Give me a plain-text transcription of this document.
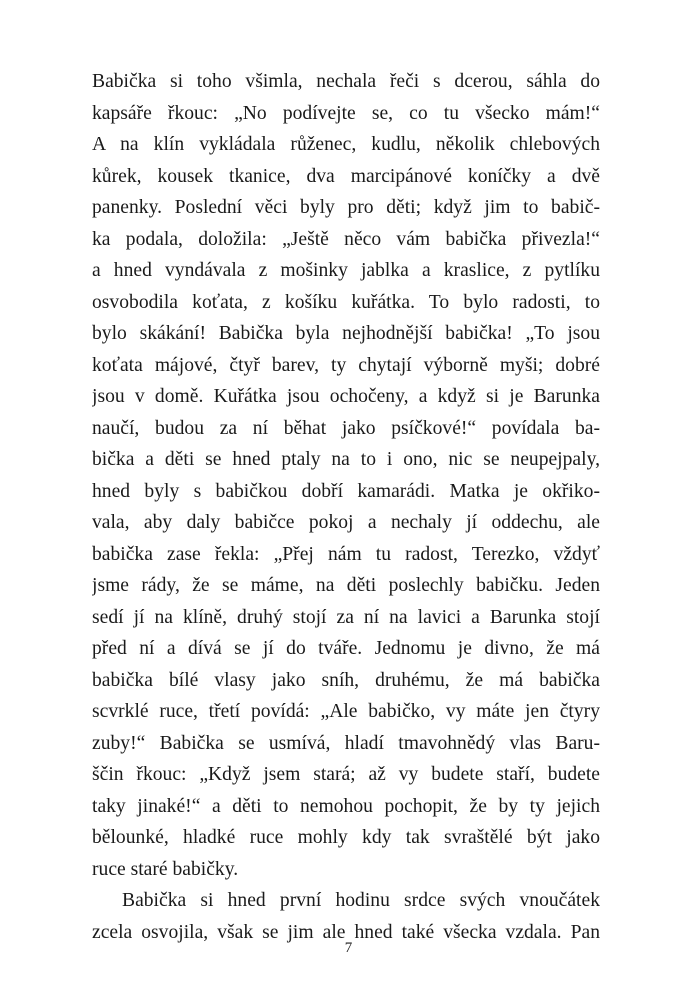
Babička si toho všimla, nechala řeči s dcerou, sáhla do
kapsáře řkouc: „No podívejte se, co tu všecko mám!“
A na klín vykládala růženec, kudlu, několik chlebových
kůrek, kousek tkanice, dva marcipánové koníčky a dvě
panenky. Poslední věci byly pro děti; když jim to babič-
ka podala, doložila: „Ještě něco vám babička přivezla!“
a hned vyndávala z mošinky jablka a kraslice, z pytlíku
osvobodila koťata, z košíku kuřátka. To bylo radosti, to
bylo skákání! Babička byla nejhodnější babička! „To jsou
koťata májové, čtyř barev, ty chytají výborně myši; dobré
jsou v domě. Kuřátka jsou ochočeny, a když si je Barunka
naučí, budou za ní běhat jako psíčkové!“ povídala ba-
bička a děti se hned ptaly na to i ono, nic se neupejpaly,
hned byly s babičkou dobří kamarádi. Matka je okřiko-
vala, aby daly babičce pokoj a nechaly jí oddechu, ale
babička zase řekla: „Přej nám tu radost, Terezko, vždyť
jsme rády, že se máme, na děti poslechly babičku. Jeden
sedí jí na klíně, druhý stojí za ní na lavici a Barunka stojí
před ní a dívá se jí do tváře. Jednomu je divno, že má
babička bílé vlasy jako sníh, druhému, že má babička
scvrklé ruce, třetí povídá: „Ale babičko, vy máte jen čtyry
zuby!“ Babička se usmívá, hladí tmavohnědý vlas Baru-
ščin řkouc: „Když jsem stará; až vy budete staří, budete
taky jinaké!“ a děti to nemohou pochopit, že by ty jejich
bělounké, hladké ruce mohly kdy tak svraštělé být jako
ruce staré babičky.
Babička si hned první hodinu srdce svých vnoučátek
zcela osvojila, však se jim ale hned také všecka vzdala. Pan
7
